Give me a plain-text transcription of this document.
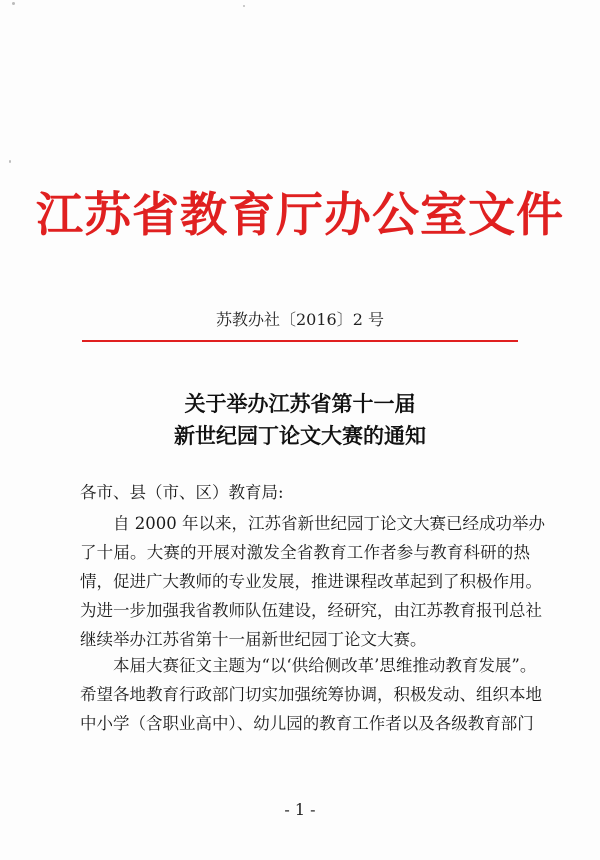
江苏省教育厅办公室文件
苏教办社〔2016〕2 号
关于举办江苏省第十一届
新世纪园丁论文大赛的通知
各市、县（市、区）教育局:
自 2000 年以来，江苏省新世纪园丁论文大赛已经成功举办
了十届。大赛的开展对激发全省教育工作者参与教育科研的热
情，促进广大教师的专业发展，推进课程改革起到了积极作用。
为进一步加强我省教师队伍建设，经研究，由江苏教育报刊总社
继续举办江苏省第十一届新世纪园丁论文大赛。
本届大赛征文主题为“以‘供给侧改革’思维推动教育发展”。
希望各地教育行政部门切实加强统筹协调，积极发动、组织本地
中小学（含职业高中）、幼儿园的教育工作者以及各级教育部门
- 1 -
